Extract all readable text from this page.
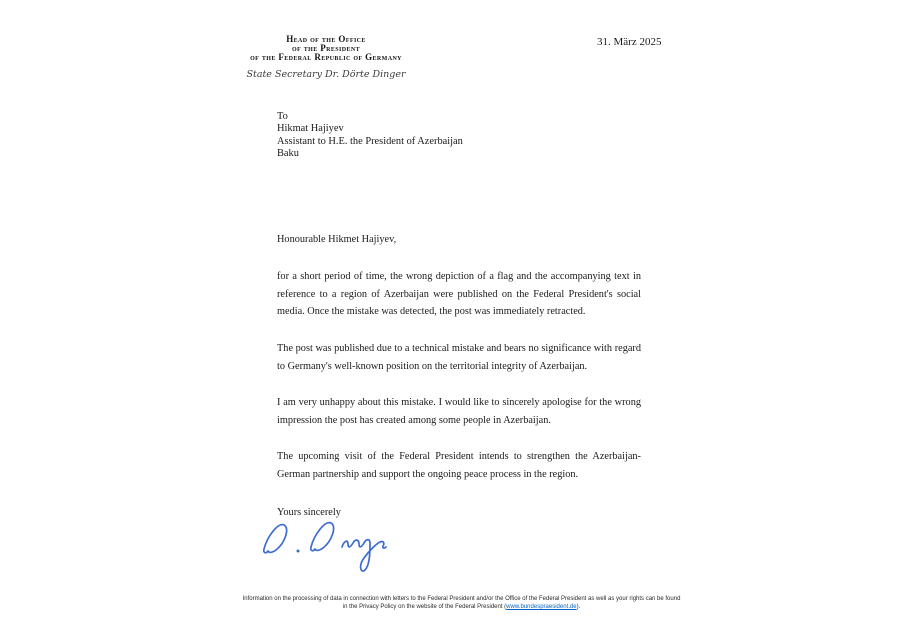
Head of the Office
of the President
of the Federal Republic of Germany
State Secretary Dr. Dörte Dinger
31. März 2025
To
Hikmat Hajiyev
Assistant to H.E. the President of Azerbaijan
Baku
Honourable Hikmet Hajiyev,
for a short period of time, the wrong depiction of a flag and the accompanying text in reference to a region of Azerbaijan were published on the Federal President's social media. Once the mistake was detected, the post was immediately retracted.
The post was published due to a technical mistake and bears no significance with regard to Germany's well-known position on the territorial integrity of Azerbaijan.
I am very unhappy about this mistake. I would like to sincerely apologise for the wrong impression the post has created among some people in Azerbaijan.
The upcoming visit of the Federal President intends to strengthen the Azerbaijan-German partnership and support the ongoing peace process in the region.
Yours sincerely
Information on the processing of data in connection with letters to the Federal President and/or the Office of the Federal President as well as your rights can be found in the Privacy Policy on the website of the Federal President (www.bundespraesident.de).
